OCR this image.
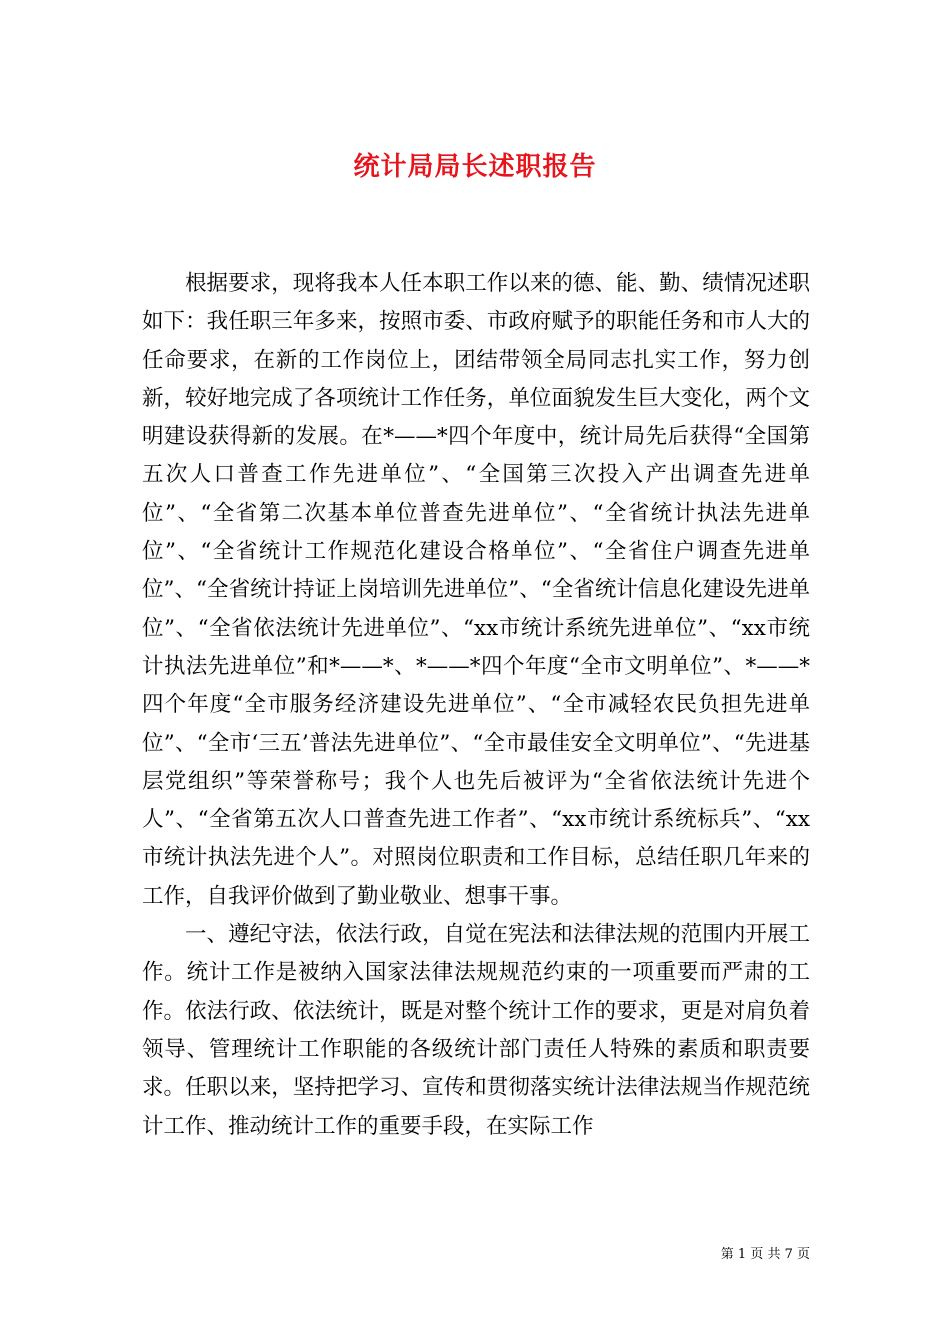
统计局局长述职报告

根据要求，现将我本人任本职工作以来的德、能、勤、绩情况述职如下：我任职三年多来，按照市委、市政府赋予的职能任务和市人大的任命要求，在新的工作岗位上，团结带领全局同志扎实工作，努力创新，较好地完成了各项统计工作任务，单位面貌发生巨大变化，两个文明建设获得新的发展。在*——*四个年度中，统计局先后获得“全国第五次人口普查工作先进单位”、“全国第三次投入产出调查先进单位”、“全省第二次基本单位普查先进单位”、“全省统计执法先进单位”、“全省统计工作规范化建设合格单位”、“全省住户调查先进单位”、“全省统计持证上岗培训先进单位”、“全省统计信息化建设先进单位”、“全省依法统计先进单位”、“xx市统计系统先进单位”、“xx市统计执法先进单位”和*——*、*——*四个年度“全市文明单位”、*——*四个年度“全市服务经济建设先进单位”、“全市减轻农民负担先进单位”、“全市‘三五’普法先进单位”、“全市最佳安全文明单位”、“先进基层党组织”等荣誉称号；我个人也先后被评为“全省依法统计先进个人”、“全省第五次人口普查先进工作者”、“xx市统计系统标兵”、“xx市统计执法先进个人”。对照岗位职责和工作目标，总结任职几年来的工作，自我评价做到了勤业敬业、想事干事。

一、遵纪守法，依法行政，自觉在宪法和法律法规的范围内开展工作。统计工作是被纳入国家法律法规规范约束的一项重要而严肃的工作。依法行政、依法统计，既是对整个统计工作的要求，更是对肩负着领导、管理统计工作职能的各级统计部门责任人特殊的素质和职责要求。任职以来，坚持把学习、宣传和贯彻落实统计法律法规当作规范统计工作、推动统计工作的重要手段，在实际工作

第 1 页 共 7 页
